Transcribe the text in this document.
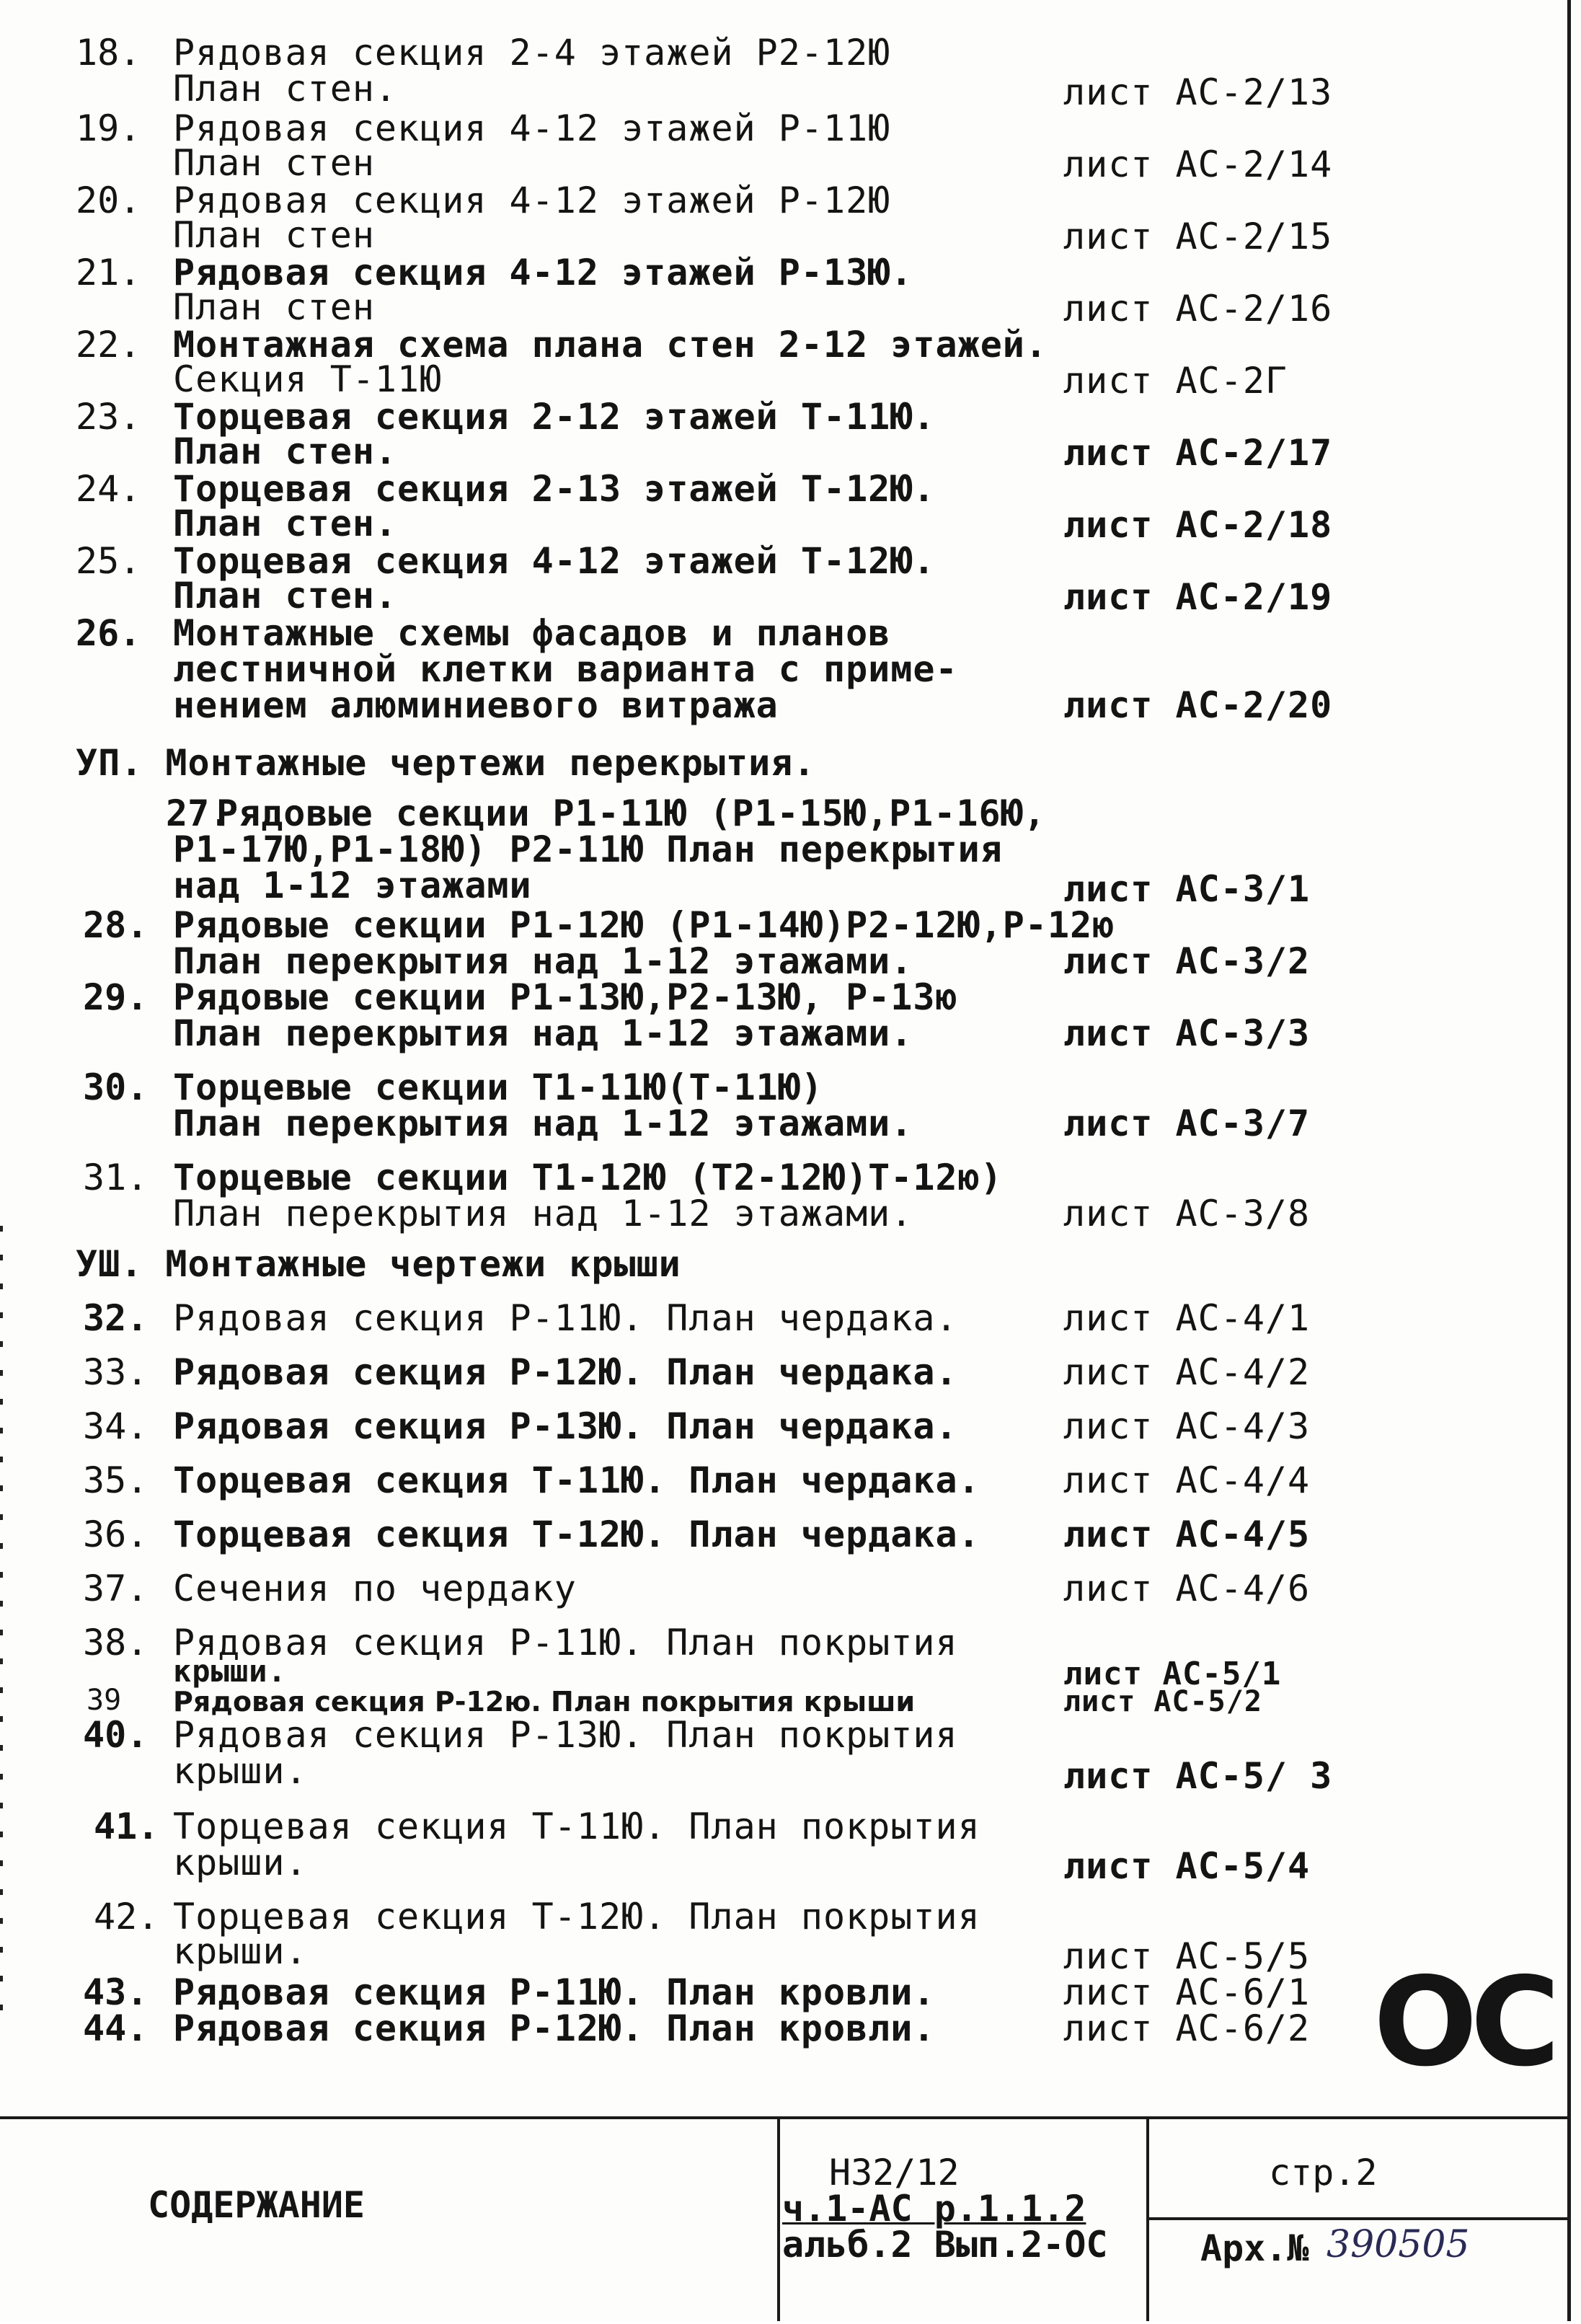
18. Рядовая секция 2-4 этажей Р2-12Ю
План стен.	лист АС-2/13
19. Рядовая секция 4-12 этажей Р-11Ю
План стен	лист АС-2/14
20. Рядовая секция 4-12 этажей Р-12Ю
План стен	лист АС-2/15
21. Рядовая секция 4-12 этажей Р-13Ю.
План стен	лист АС-2/16
22. Монтажная схема плана стен 2-12 этажей.
Секция Т-11Ю	лист АС-2Г
23. Торцевая секция 2-12 этажей Т-11Ю.
План стен.	лист АС-2/17
24. Торцевая секция 2-13 этажей Т-12Ю.
План стен.	лист АС-2/18
25. Торцевая секция 4-12 этажей Т-12Ю.
План стен.	лист АС-2/19
26. Монтажные схемы фасадов и планов
лестничной клетки варианта с приме-
нением алюминиевого витража	лист АС-2/20
УП. Монтажные чертежи перекрытия.
27.
Рядовые секции Р1-11Ю (Р1-15Ю,Р1-16Ю,
Р1-17Ю,Р1-18Ю) Р2-11Ю План перекрытия
над 1-12 этажами	лист АС-3/1
28. Рядовые секции Р1-12Ю (Р1-14Ю)Р2-12Ю,Р-12ю
План перекрытия над 1-12 этажами.	лист АС-3/2
29. Рядовые секции Р1-13Ю,Р2-13Ю, Р-13ю
План перекрытия над 1-12 этажами.	лист АС-3/3
30. Торцевые секции Т1-11Ю(Т-11Ю)
План перекрытия над 1-12 этажами.	лист АС-3/7
31. Торцевые секции Т1-12Ю (Т2-12Ю)Т-12ю)
План перекрытия над 1-12 этажами.	лист АС-3/8
УШ. Монтажные чертежи крыши
32. Рядовая секция Р-11Ю. План чердака.	лист АС-4/1
33. Рядовая секция Р-12Ю. План чердака.	лист АС-4/2
34. Рядовая секция Р-13Ю. План чердака.	лист АС-4/3
35. Торцевая секция Т-11Ю. План чердака. лист АС-4/4
36. Торцевая секция Т-12Ю. План чердака. лист АС-4/5
37. Сечения по чердаку	лист АС-4/6
38. Рядовая секция Р-11Ю. План покрытия
крыши.	лист АС-5/1
39 Рядовая секция Р-12ю. План покрытия крыши	лист АС-5/2
40. Рядовая секция Р-13Ю. План покрытия
крыши.	лист АС-5/ 3
41. Торцевая секция Т-11Ю. План покрытия
крыши.	лист АС-5/4
42. Торцевая секция Т-12Ю. План покрытия
крыши.	лист АС-5/5
43. Рядовая секция Р-11Ю. План кровли.	лист АС-6/1
44. Рядовая секция Р-12Ю. План кровли.	лист АС-6/2 ОС
СОДЕРЖАНИЕ
Н32/12
ч.1-АС р.1.1.2
альб.2 Вып.2-ОС
стр.2
Арх.№ 390505
